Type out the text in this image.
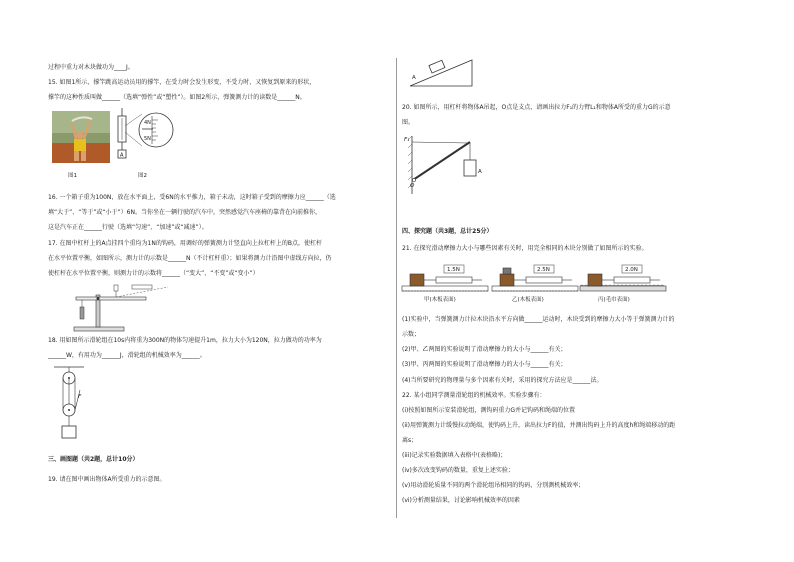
过程中重力对木块做功为____J。
15. 如图1所示，撑竿跳高运动员用的撑竿，在受力时会发生形变，不受力时，又恢复到原来的形状，
撑竿的这种性质叫做______（选填“弹性”或“塑性”）。如图2所示，弹簧测力计的读数是______N。
图1
A
4N
5N
图2
16. 一个箱子重为100N，放在水平面上，受6N的水平推力，箱子未动，这时箱子受到的摩擦力应______（选
填“大于”、“等于”或“小于”）6N。当你坐在一辆行驶的汽车中，突然感觉汽车座椅的靠背在向前推你，
这是汽车正在______行驶（选填“匀速”、“加速”或“减速”）。
17. 在图中杠杆上的A点挂四个重均为1N的钩码，用调好的弹簧测力计竖直向上拉杠杆上的B点，使杠杆
在水平位置平衡，如图所示，测力计的示数是______N（不计杠杆重）；如果将测力计沿图中虚线方向拉，仍
使杠杆在水平位置平衡，则测力计的示数将______（“变大”、“不变”或“变小”）
18. 用如图所示滑轮组在10s内将重为300N的物体匀速提升1m，拉力大小为120N，拉力做功的功率为
______W，有用功为______J，滑轮组的机械效率为______。
F
三、画图题（共2题，总计10分）
19. 请在图中画出物体A所受重力的示意图。
A
20. 如图所示，用杠杆将物体A吊起，O点是支点，请画出拉力F₁的力臂L₁和物体A所受的重力G的示意
图。
F₁
O
A
四、探究题（共3题，总计25分）
21. 在探究滑动摩擦力大小与哪些因素有关时，用完全相同的木块分别做了如图所示的实验。
1.5N
甲(木板表面)
2.5N
乙(木板表面)
2.0N
丙(毛巾表面)
(1)实验中，当弹簧测力计拉木块沿水平方向做______运动时，木块受到的摩擦力大小等于弹簧测力计的
示数；
(2)甲、乙两图的实验说明了滑动摩擦力的大小与______有关；
(3)甲、丙两图的实验说明了滑动摩擦力的大小与______有关；
(4)当所要研究的物理量与多个因素有关时，采用的探究方法应是______法。
22. 某小组同学测量滑轮组的机械效率。实验步骤有：
(i)按照如图所示安装滑轮组，测钩码重力G并记钩码和绳端的位置
(ii)用弹簧测力计缓慢拉动绳端，使钩码上升，读出拉力F的值，并测出钩码上升的高度h和绳端移动的距
离s；
(iii)记录实验数据填入表格中(表格略)；
(iv)多次改变钩码的数量，重复上述实验；
(v)用动滑轮质量不同的两个滑轮组吊相同的钩码，分别测机械效率；
(vi)分析测量结果，讨论影响机械效率的因素
